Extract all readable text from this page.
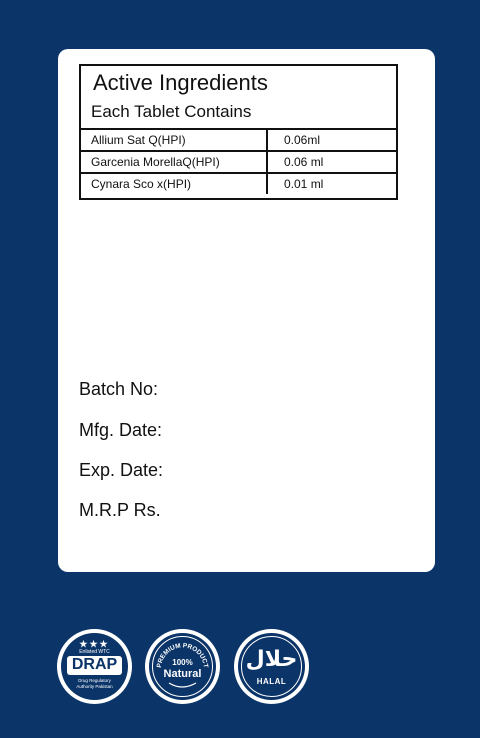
Active Ingredients
Each Tablet Contains
Allium Sat Q(HPI)	0.06ml
Garcenia MorellaQ(HPI)	0.06 ml
Cynara Sco x(HPI)	0.01 ml
Batch No:
Mfg. Date:
Exp. Date:
M.R.P Rs.
★★★
Enlisted WTC
DRAP
Drug Regulatory
Authority Pakistan
PREMIUM PRODUCT
100%
Natural
حلال
HALAL
